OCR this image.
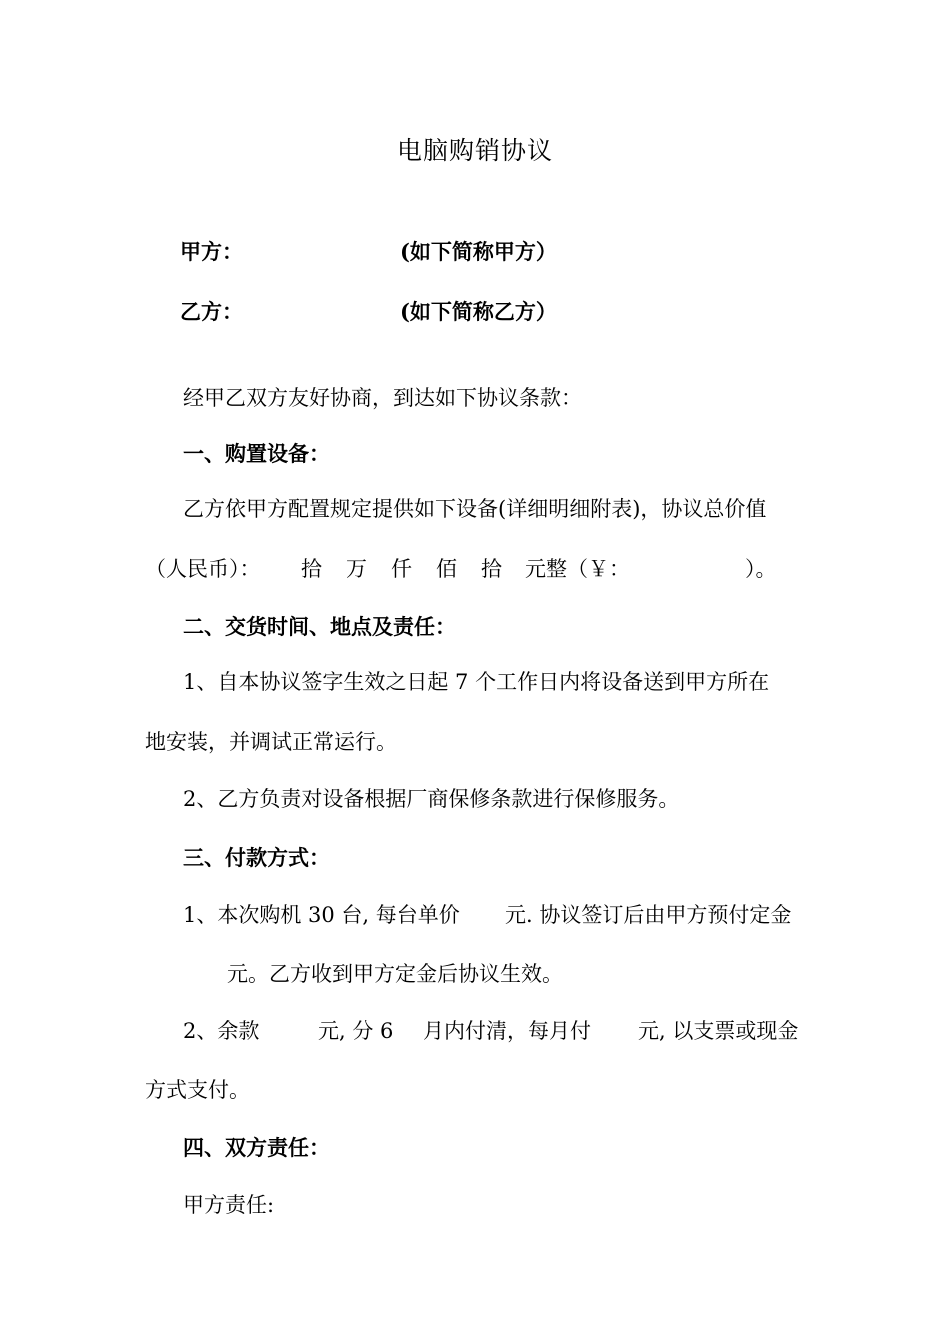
电脑购销协议
甲方：	(如下简称甲方）
乙方：	(如下简称乙方）
经甲乙双方友好协商，到达如下协议条款：
一、购置设备：
乙方依甲方配置规定提供如下设备(详细明细附表)，协议总价值
（人民币）： 拾 万 仟 佰 拾 元整（￥：	）。
二、交货时间、地点及责任：
1、自本协议签字生效之日起 7 个工作日内将设备送到甲方所在
地安装，并调试正常运行。
2、乙方负责对设备根据厂商保修条款进行保修服务。
三、付款方式：
1、本次购机 30 台, 每台单价 元. 协议签订后由甲方预付定金
元。乙方收到甲方定金后协议生效。
2、余款	元, 分 6 月内付清，每月付 元, 以支票或现金
方式支付。
四、双方责任：
甲方责任:
